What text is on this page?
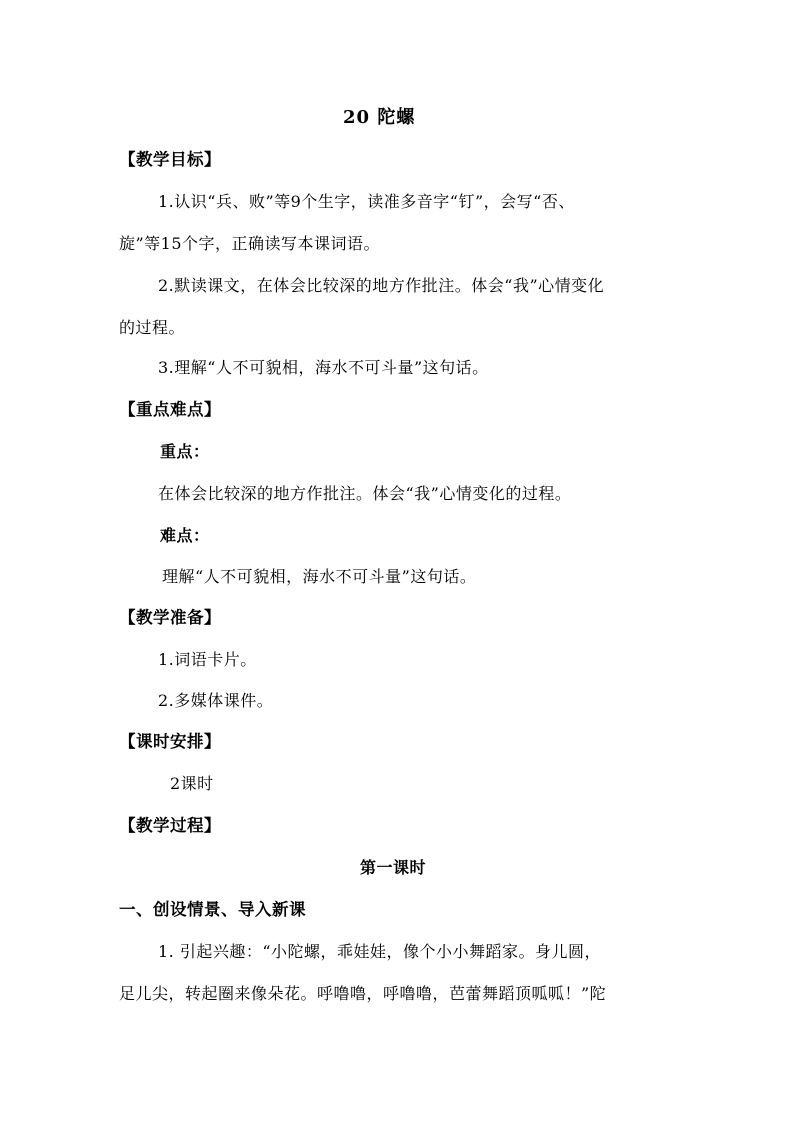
20 陀螺
【教学目标】
1.认识“兵、败”等9个生字，读准多音字“钉”，会写“否、
旋”等15个字，正确读写本课词语。
2.默读课文，在体会比较深的地方作批注。体会“我”心情变化
的过程。
3.理解“人不可貌相，海水不可斗量”这句话。
【重点难点】
重点：
在体会比较深的地方作批注。体会“我”心情变化的过程。
难点：
理解“人不可貌相，海水不可斗量”这句话。
【教学准备】
1.词语卡片。
2.多媒体课件。
【课时安排】
2课时
【教学过程】
第一课时
一、创设情景、导入新课
1. 引起兴趣：“小陀螺，乖娃娃，像个小小舞蹈家。身儿圆，
足儿尖，转起圈来像朵花。呼噜噜，呼噜噜，芭蕾舞蹈顶呱呱！”陀
